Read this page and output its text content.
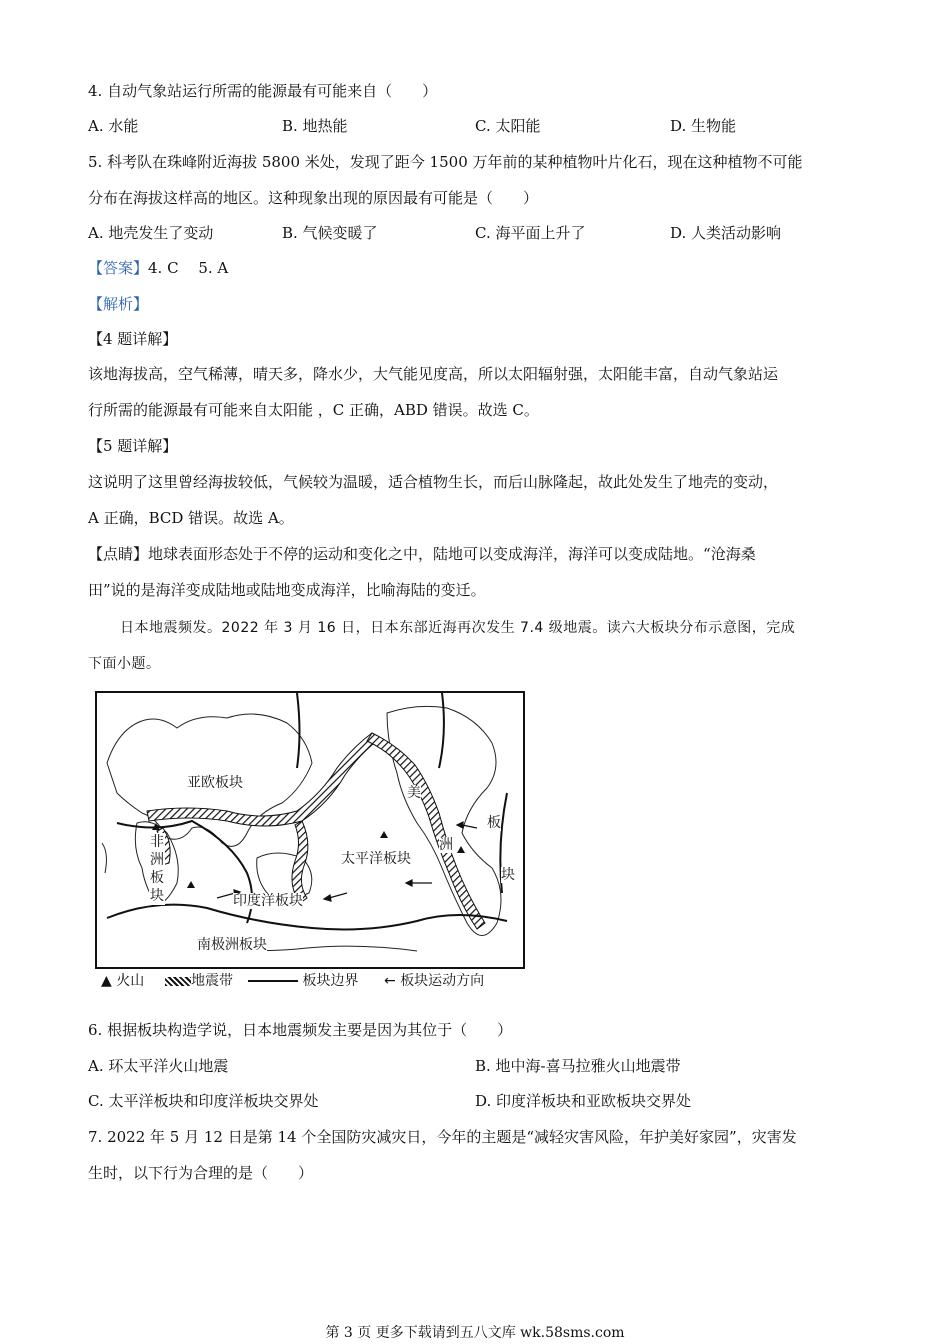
4. 自动气象站运行所需的能源最有可能来自（　　）
A. 水能	B. 地热能	C. 太阳能	D. 生物能
5. 科考队在珠峰附近海拔 5800 米处，发现了距今 1500 万年前的某种植物叶片化石，现在这种植物不可能
分布在海拔这样高的地区。这种现象出现的原因最有可能是（　　）
A. 地壳发生了变动	B. 气候变暖了	C. 海平面上升了	D. 人类活动影响
【答案】4. C　 5. A
【解析】
【4 题详解】
该地海拔高，空气稀薄，晴天多，降水少，大气能见度高，所以太阳辐射强，太阳能丰富，自动气象站运
行所需的能源最有可能来自太阳能 ，C 正确，ABD 错误。故选 C。
【5 题详解】
这说明了这里曾经海拔较低，气候较为温暖，适合植物生长，而后山脉隆起，故此处发生了地壳的变动，
A 正确，BCD 错误。故选 A。
【点睛】地球表面形态处于不停的运动和变化之中，陆地可以变成海洋，海洋可以变成陆地。“沧海桑
田”说的是海洋变成陆地或陆地变成海洋，比喻海陆的变迁。
日本地震频发。2022 年 3 月 16 日，日本东部近海再次发生 7.4 级地震。读六大板块分布示意图，完成
下面小题。
亚欧板块
非
洲
板
块
太平洋板块
印度洋板块
南极洲板块
美
洲
板
块
▲ 火山	地震带	板块边界 ← 板块运动方向
6. 根据板块构造学说，日本地震频发主要是因为其位于（　　）
A. 环太平洋火山地震	B. 地中海-喜马拉雅火山地震带
C. 太平洋板块和印度洋板块交界处	D. 印度洋板块和亚欧板块交界处
7. 2022 年 5 月 12 日是第 14 个全国防灾减灾日，今年的主题是“减轻灾害风险，年护美好家园”，灾害发
生时，以下行为合理的是（　　）
第 3 页 更多下载请到五八文库 wk.58sms.com
